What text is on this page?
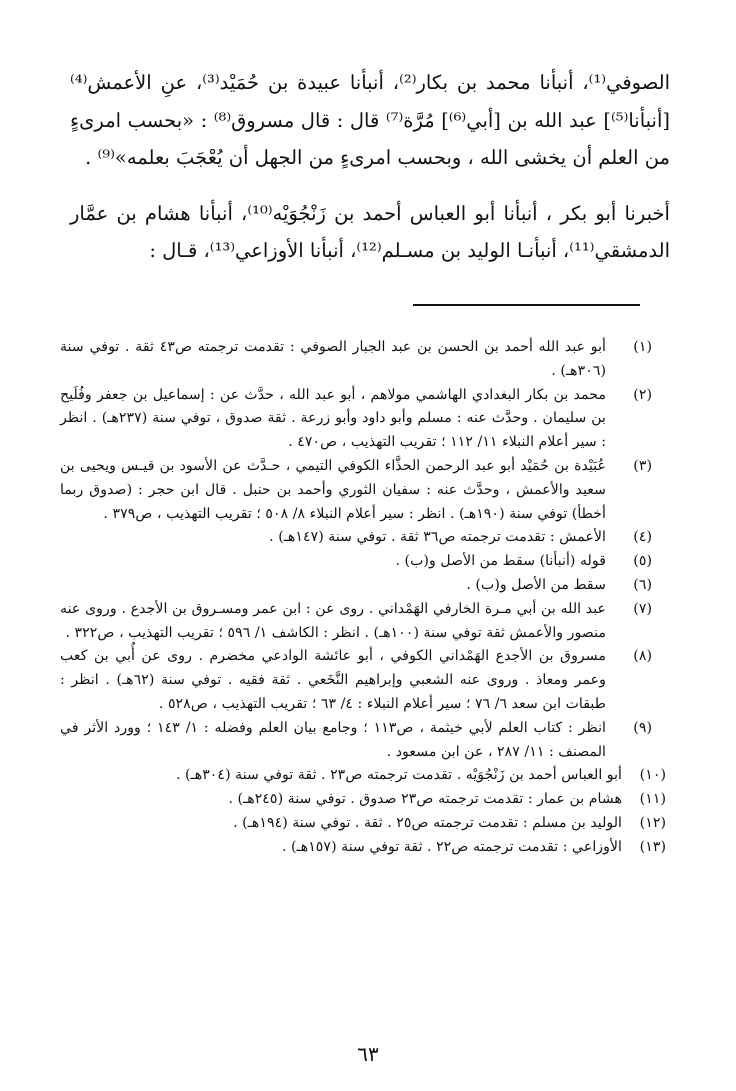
الصوفي⁽¹⁾، أنبأنا محمد بن بكار⁽²⁾، أنبأنا عبيدة بن حُمَيْد⁽³⁾، عنِ الأعمش⁽⁴⁾ [أنبأنا⁽⁵⁾] عبد الله بن [أبي⁽⁶⁾] مُرَّة⁽⁷⁾ قال : قال مسروق⁽⁸⁾ : «بحسب امرىءٍ من العلم أن يخشى الله ، وبحسب امرىءٍ من الجهل أن يُعْجَبَ بعلمه»⁽⁹⁾ .

أخبرنا أبو بكر ، أنبأنا أبو العباس أحمد بن زَنْجُوَيْه⁽¹⁰⁾، أنبأنا هشام بن عمَّار الدمشقي⁽¹¹⁾، أنبأنـا الوليد بن مسـلم⁽¹²⁾، أنبأنا الأوزاعي⁽¹³⁾، قـال :

(١)
أبو عبد الله أحمد بن الحسن بن عبد الجبار الصوفي : تقدمت ترجمته ص٤٣ ثقة . توفي سنة (٣٠٦هـ) .
(٢)
محمد بن بكار البغدادي الهاشمي مولاهم ، أبو عبد الله ، حدَّث عن : إسماعيل بن جعفر وفُلَيح بن سليمان . وحدَّث عنه : مسلم وأبو داود وأبو زرعة . ثقة صدوق ، توفي سنة (٢٣٧هـ) . انظر : سير أعلام النبلاء ١١/ ١١٢ ؛ تقريب التهذيب ، ص٤٧٠ .
(٣)
عُبَيْدة بن حُمَيْد أبو عبد الرحمن الحذَّاء الكوفي التيمي ، حـدَّث عن الأسود بن قيـس ويحيى بن سعيد والأعمش ، وحدَّث عنه : سفيان الثوري وأحمد بن حنبل . قال ابن حجر : (صدوق ربما أخطأ) توفي سنة (١٩٠هـ) . انظر : سير أعلام النبلاء ٨/ ٥٠٨ ؛ تقريب التهذيب ، ص٣٧٩ .
(٤)
الأعمش : تقدمت ترجمته ص٣٦ ثقة . توفي سنة (١٤٧هـ) .
(٥)
قوله (أنبأنا) سقط من الأصل و(ب) .
(٦)
سقط من الأصل و(ب) .
(٧)
عبد الله بن أبي مـرة الخارفي الهَمْداني . روى عن : ابن عمر ومسـروق بن الأجدع . وروى عنه منصور والأعمش ثقة توفي سنة (١٠٠هـ) . انظر : الكاشف ١/ ٥٩٦ ؛ تقريب التهذيب ، ص٣٢٢ .
(٨)
مسروق بن الأجدع الهَمْداني الكوفي ، أبو عائشة الوادعي مخضرم . روى عن أُبي بن كعب وعمر ومعاذ . وروى عنه الشعبي وإبراهيم النَّخَعي . ثقة فقيه . توفي سنة (٦٢هـ) . انظر : طبقات ابن سعد ٦/ ٧٦ ؛ سير أعلام النبلاء : ٤/ ٦٣ ؛ تقريب التهذيب ، ص٥٢٨ .
(٩)
انظر : كتاب العلم لأبي خيثمة ، ص١١٣ ؛ وجامع بيان العلم وفضله : ١/ ١٤٣ ؛ وورد الأثر في المصنف : ١١/ ٢٨٧ ، عن ابن مسعود .
(١٠)
أبو العباس أحمد بن زَنْجُوَيْه . تقدمت ترجمته ص٢٣ . ثقة توفي سنة (٣٠٤هـ) .
(١١)
هشام بن عمار : تقدمت ترجمته ص٢٣ صدوق . توفي سنة (٢٤٥هـ) .
(١٢)
الوليد بن مسلم : تقدمت ترجمته ص٢٥ . ثقة . توفي سنة (١٩٤هـ) .
(١٣)
الأوزاعي : تقدمت ترجمته ص٢٢ . ثقة توفي سنة (١٥٧هـ) .
٦٣
